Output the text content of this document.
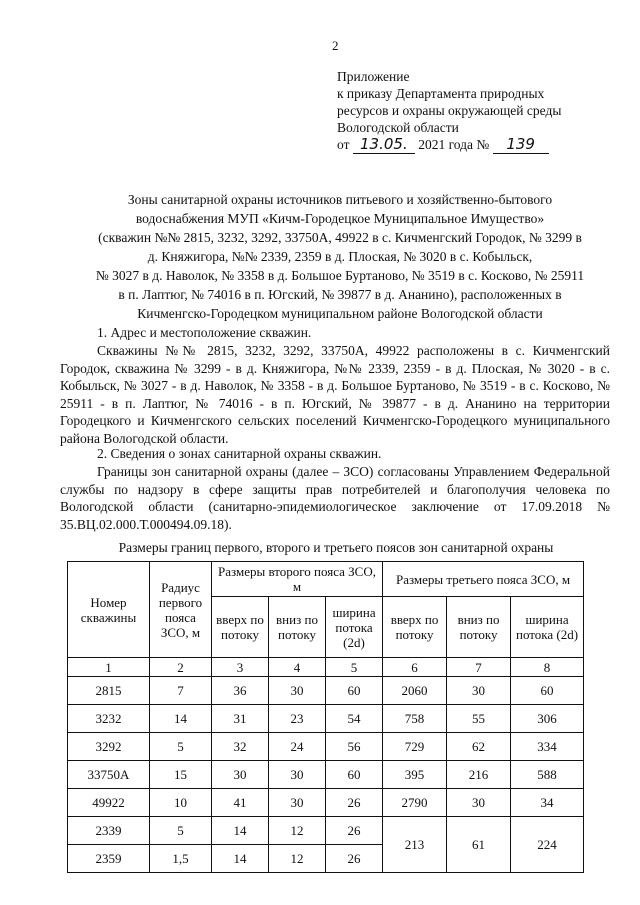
2
Приложение
к приказу Департамента природных
ресурсов и охраны окружающей среды
Вологодской области
от 13.05. 2021 года № 139
Зоны санитарной охраны источников питьевого и хозяйственно-бытового
водоснабжения МУП «Кичм-Городецкое Муниципальное Имущество»
(скважин №№ 2815, 3232, 3292, 33750А, 49922 в с. Кичменгский Городок, № 3299 в
д. Княжигора, №№ 2339, 2359 в д. Плоская, № 3020 в с. Кобыльск,
№ 3027 в д. Наволок, № 3358 в д. Большое Буртаново, № 3519 в с. Косково, № 25911
в п. Лаптюг, № 74016 в п. Югский, № 39877 в д. Ананино), расположенных в
Кичменгско-Городецком муниципальном районе Вологодской области

1. Адрес и местоположение скважин.

Скважины №№ 2815, 3232, 3292, 33750А, 49922 расположены в с. Кичменгский Городок, скважина № 3299 - в д. Княжигора, №№ 2339, 2359 - в д. Плоская, № 3020 - в с. Кобыльск, № 3027 - в д. Наволок, № 3358 - в д. Большое Буртаново, № 3519 - в с. Косково, № 25911 - в п. Лаптюг, № 74016 - в п. Югский, № 39877 - в д. Ананино на территории Городецкого и Кичменгского сельских поселений Кичменгско-Городецкого муниципального района Вологодской области.

2. Сведения о зонах санитарной охраны скважин.

Границы зон санитарной охраны (далее – ЗСО) согласованы Управлением Федеральной службы по надзору в сфере защиты прав потребителей и благополучия человека по Вологодской области (санитарно-эпидемиологическое заключение от 17.09.2018 № 35.ВЦ.02.000.Т.000494.09.18).

Размеры границ первого, второго и третьего поясов зон санитарной охраны
Номер скважины	Радиус первого пояса ЗСО, м	Размеры второго пояса ЗСО, м			Размеры третьего пояса ЗСО, м		
		вверх по потоку	вниз по потоку	ширина потока (2d)	вверх по потоку	вниз по потоку	ширина потока (2d)
1	2	3	4	5	6	7	8
2815	7	36	30	60	2060	30	60
3232	14	31	23	54	758	55	306
3292	5	32	24	56	729	62	334
33750А	15	30	30	60	395	216	588
49922	10	41	30	26	2790	30	34
2339	5	14	12	26	213	61	224
2359	1,5	14	12	26			
